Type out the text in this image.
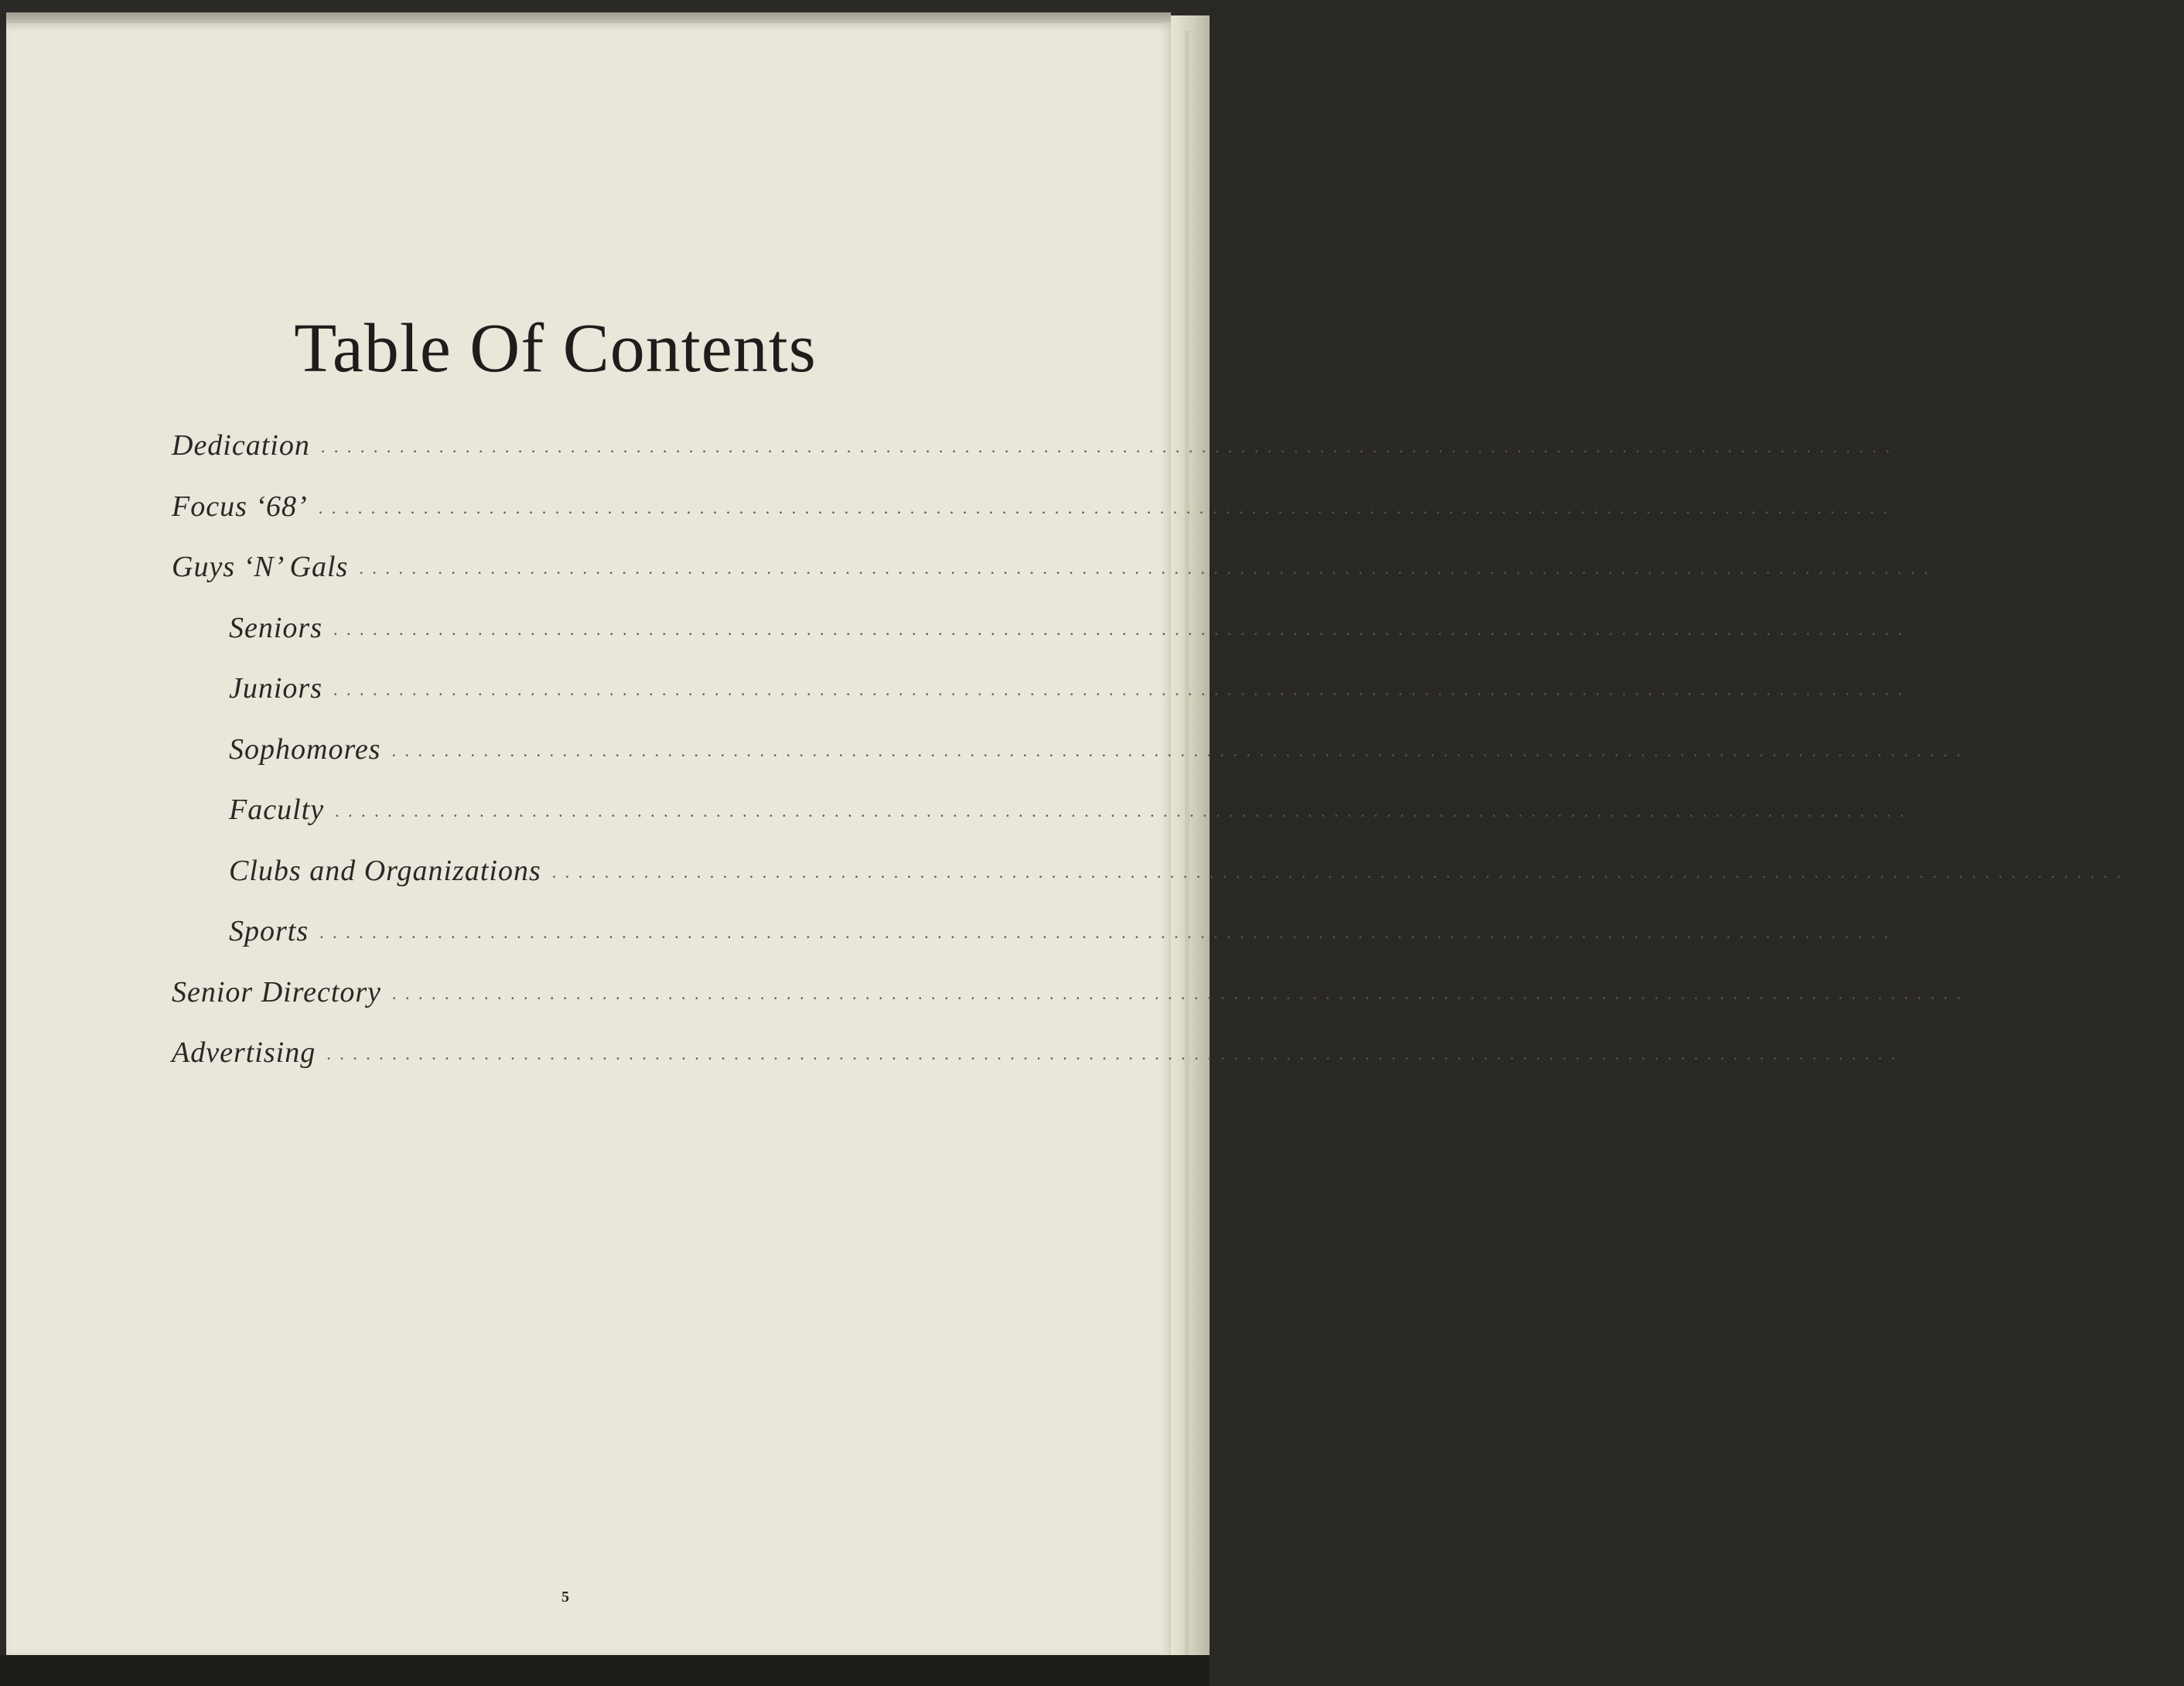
Table Of Contents
Dedication ........................................................................................................................ 6
Focus ‘68’ ........................................................................................................................ 8
Guys ‘N’ Gals ........................................................................................................................ 40
Seniors ........................................................................................................................ 42
Juniors ........................................................................................................................ 62
Sophomores ........................................................................................................................ 76
Faculty ........................................................................................................................ 88
Clubs and Organizations ........................................................................................................................ 100
Sports ........................................................................................................................ 126
Senior Directory ........................................................................................................................ 145
Advertising ........................................................................................................................ 150
5
